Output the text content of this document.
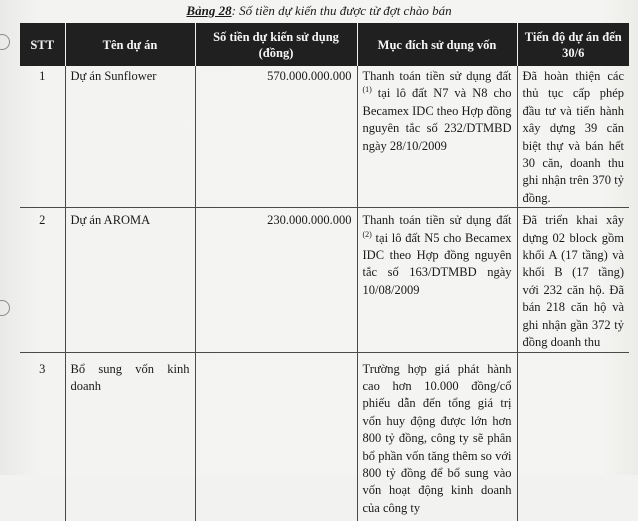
Bảng 28: Số tiền dự kiến thu được từ đợt chào bán
STT	Tên dự án	Số tiền dự kiến sử dụng (đồng)	Mục đích sử dụng vốn	Tiến độ dự án đến 30/6
1	Dự án Sunflower	570.000.000.000	Thanh toán tiền sử dụng đất $^{(1)}$ tại lô đất N7 và N8 cho Becamex IDC theo Hợp đồng nguyên tắc số 232/DTMBD ngày 28/10/2009	Đã hoàn thiện các thủ tục cấp phép đầu tư và tiến hành xây dựng 39 căn biệt thự và bán hết 30 căn, doanh thu ghi nhận trên 370 tỷ đồng.
2	Dự án AROMA	230.000.000.000	Thanh toán tiền sử dụng đất $^{(2)}$ tại lô đất N5 cho Becamex IDC theo Hợp đồng nguyên tắc số 163/DTMBD ngày 10/08/2009	Đã triển khai xây dựng 02 block gồm khối A (17 tầng) và khối B (17 tầng) với 232 căn hộ. Đã bán 218 căn hộ và ghi nhận gần 372 tỷ đồng doanh thu
3	Bổ sung vốn kinh doanh		Trường hợp giá phát hành cao hơn 10.000 đồng/cổ phiếu dẫn đến tổng giá trị vốn huy động được lớn hơn 800 tỷ đồng, công ty sẽ phân bổ phần vốn tăng thêm so với 800 tỷ đồng để bổ sung vào vốn hoạt động kinh doanh của công ty	
